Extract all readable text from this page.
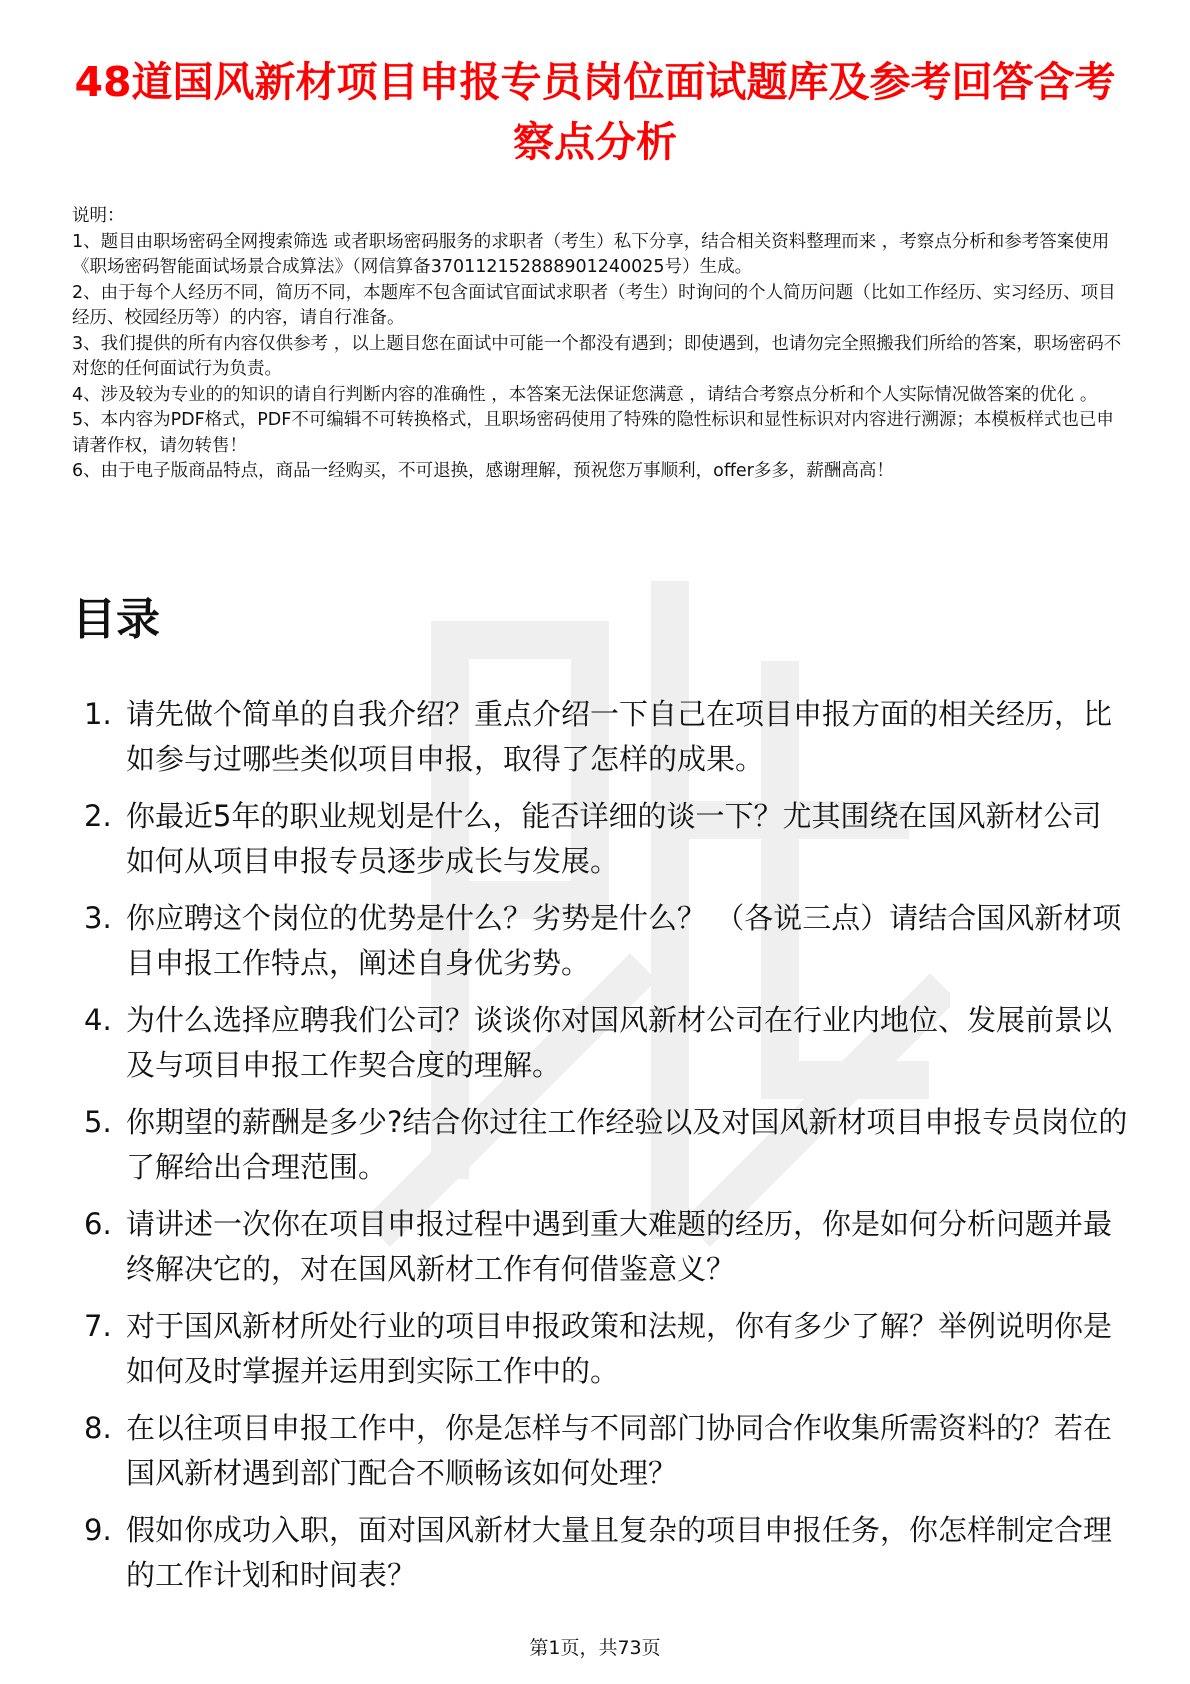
48道国风新材项目申报专员岗位面试题库及参考回答含考察点分析
说明：
1、题目由职场密码全网搜索筛选 或者职场密码服务的求职者（考生）私下分享，结合相关资料整理而来 ，考察点分析和参考答案使用《职场密码智能面试场景合成算法》（网信算备370112152888901240025号）生成。
2、由于每个人经历不同，简历不同，本题库不包含面试官面试求职者（考生）时询问的个人简历问题（比如工作经历、实习经历、项目经历、校园经历等）的内容，请自行准备。
3、我们提供的所有内容仅供参考 ，以上题目您在面试中可能一个都没有遇到；即使遇到，也请勿完全照搬我们所给的答案，职场密码不对您的任何面试行为负责。
4、涉及较为专业的的知识的请自行判断内容的准确性 ，本答案无法保证您满意 ，请结合考察点分析和个人实际情况做答案的优化 。
5、本内容为PDF格式，PDF不可编辑不可转换格式，且职场密码使用了特殊的隐性标识和显性标识对内容进行溯源；本模板样式也已申请著作权，请勿转售！
6、由于电子版商品特点，商品一经购买，不可退换，感谢理解，预祝您万事顺利，offer多多，薪酬高高！
目录
1. 请先做个简单的自我介绍？重点介绍一下自己在项目申报方面的相关经历，比如参与过哪些类似项目申报，取得了怎样的成果。
2. 你最近5年的职业规划是什么，能否详细的谈一下？尤其围绕在国风新材公司如何从项目申报专员逐步成长与发展。
3. 你应聘这个岗位的优势是什么？劣势是什么？ （各说三点）请结合国风新材项目申报工作特点，阐述自身优劣势。
4. 为什么选择应聘我们公司？谈谈你对国风新材公司在行业内地位、发展前景以及与项目申报工作契合度的理解。
5. 你期望的薪酬是多少?结合你过往工作经验以及对国风新材项目申报专员岗位的了解给出合理范围。
6. 请讲述一次你在项目申报过程中遇到重大难题的经历，你是如何分析问题并最终解决它的，对在国风新材工作有何借鉴意义？
7. 对于国风新材所处行业的项目申报政策和法规，你有多少了解？举例说明你是如何及时掌握并运用到实际工作中的。
8. 在以往项目申报工作中，你是怎样与不同部门协同合作收集所需资料的？若在国风新材遇到部门配合不顺畅该如何处理？
9. 假如你成功入职，面对国风新材大量且复杂的项目申报任务，你怎样制定合理的工作计划和时间表？
第1页，共73页
